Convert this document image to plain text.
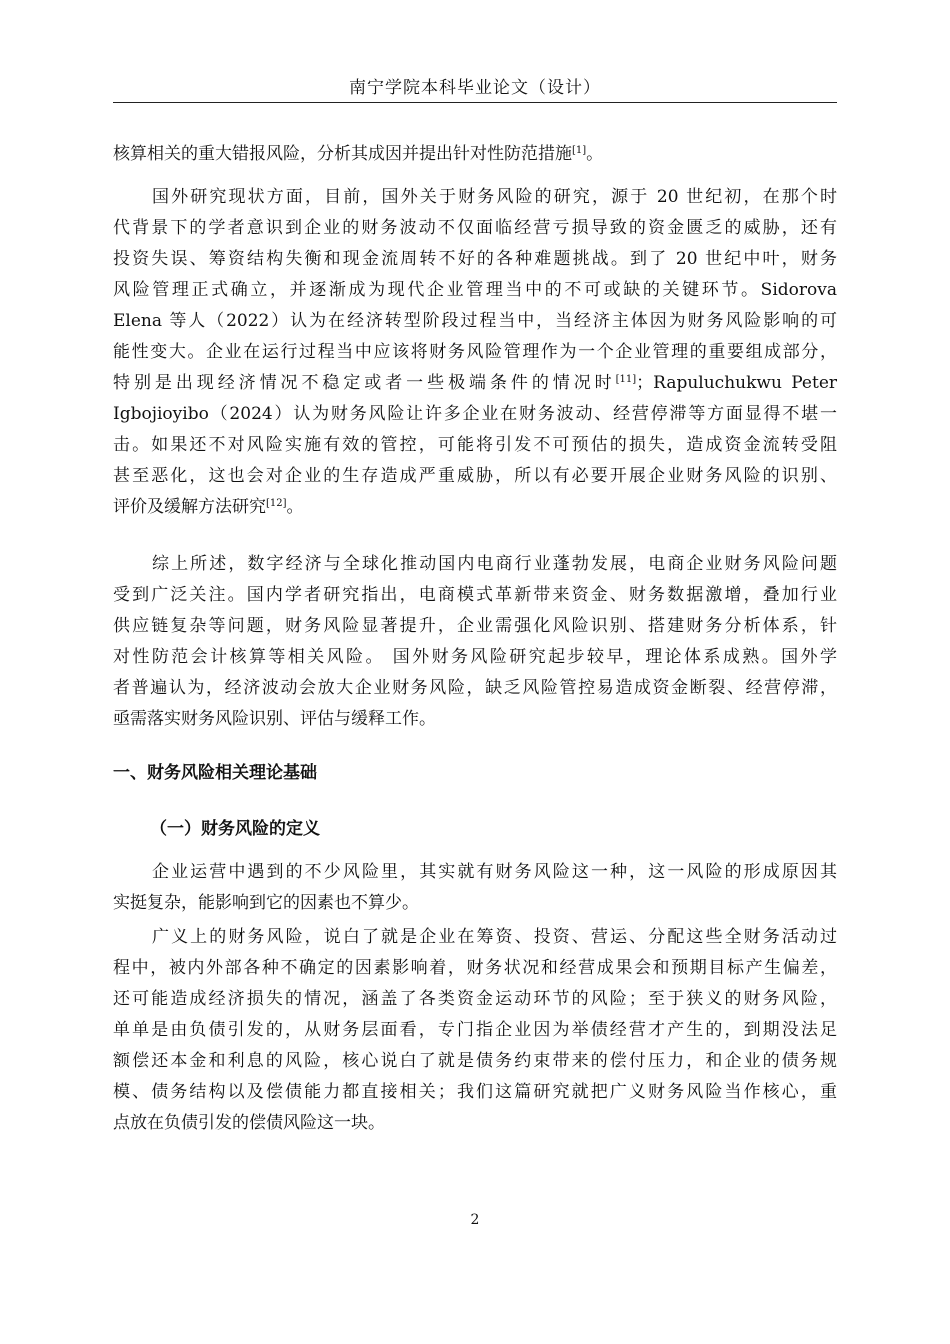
南宁学院本科毕业论文（设计）
核算相关的重大错报风险，分析其成因并提出针对性防范措施[1]。
国外研究现状方面，目前，国外关于财务风险的研究，源于 20 世纪初，在那个时
代背景下的学者意识到企业的财务波动不仅面临经营亏损导致的资金匮乏的威胁，还有
投资失误、筹资结构失衡和现金流周转不好的各种难题挑战。到了 20 世纪中叶，财务
风险管理正式确立，并逐渐成为现代企业管理当中的不可或缺的关键环节。Sidorova
Elena 等人（2022）认为在经济转型阶段过程当中，当经济主体因为财务风险影响的可
能性变大。企业在运行过程当中应该将财务风险管理作为一个企业管理的重要组成部分，
特别是出现经济情况不稳定或者一些极端条件的情况时[11]；Rapuluchukwu Peter
Igbojioyibo（2024）认为财务风险让许多企业在财务波动、经营停滞等方面显得不堪一
击。如果还不对风险实施有效的管控，可能将引发不可预估的损失，造成资金流转受阻
甚至恶化，这也会对企业的生存造成严重威胁，所以有必要开展企业财务风险的识别、
评价及缓解方法研究[12]。
综上所述，数字经济与全球化推动国内电商行业蓬勃发展，电商企业财务风险问题
受到广泛关注。国内学者研究指出，电商模式革新带来资金、财务数据激增，叠加行业
供应链复杂等问题，财务风险显著提升，企业需强化风险识别、搭建财务分析体系，针
对性防范会计核算等相关风险。 国外财务风险研究起步较早，理论体系成熟。国外学
者普遍认为，经济波动会放大企业财务风险，缺乏风险管控易造成资金断裂、经营停滞，
亟需落实财务风险识别、评估与缓释工作。
一、财务风险相关理论基础
（一）财务风险的定义
企业运营中遇到的不少风险里，其实就有财务风险这一种，这一风险的形成原因其
实挺复杂，能影响到它的因素也不算少。
广义上的财务风险，说白了就是企业在筹资、投资、营运、分配这些全财务活动过
程中，被内外部各种不确定的因素影响着，财务状况和经营成果会和预期目标产生偏差，
还可能造成经济损失的情况，涵盖了各类资金运动环节的风险；至于狭义的财务风险，
单单是由负债引发的，从财务层面看，专门指企业因为举债经营才产生的，到期没法足
额偿还本金和利息的风险，核心说白了就是债务约束带来的偿付压力，和企业的债务规
模、债务结构以及偿债能力都直接相关；我们这篇研究就把广义财务风险当作核心，重
点放在负债引发的偿债风险这一块。
2
